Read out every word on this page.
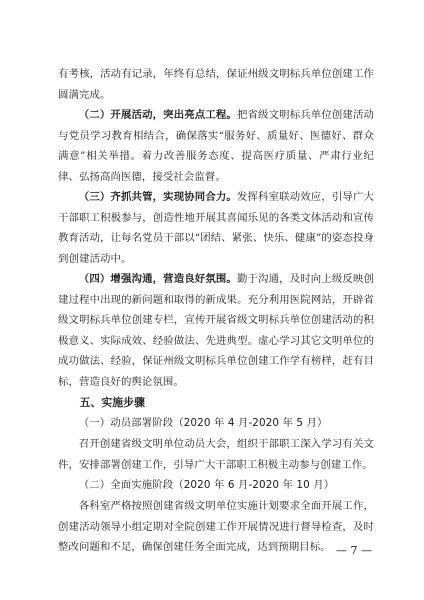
有考核，活动有记录，年终有总结，保证州级文明标兵单位创建工作圆满完成。

（二）开展活动，突出亮点工程。把省级文明标兵单位创建活动与党员学习教育相结合，确保落实“服务好、质量好、医德好、群众满意”相关举措。着力改善服务态度、提高医疗质量、严肃行业纪律、弘扬高尚医德，接受社会监督。

（三）齐抓共管，实现协同合力。发挥科室联动效应，引导广大干部职工积极参与，创造性地开展其喜闻乐见的各类文体活动和宣传教育活动，让每名党员干部以“团结、紧张、快乐、健康”的姿态投身到创建活动中。

（四）增强沟通，营造良好氛围。勤于沟通，及时向上级反映创建过程中出现的新问题和取得的新成果。充分利用医院网站，开辟省级文明标兵单位创建专栏，宣传开展省级文明标兵单位创建活动的积极意义、实际成效、经验做法、先进典型。虚心学习其它文明单位的成功做法、经验，保证州级文明标兵单位创建工作学有榜样，赶有目标，营造良好的舆论氛围。

五、实施步骤

（一）动员部署阶段（2020 年 4 月-2020 年 5 月）

召开创建省级文明单位动员大会，组织干部职工深入学习有关文件，安排部署创建工作，引导广大干部职工积极主动参与创建工作。

（二）全面实施阶段（2020 年 6 月-2020 年 10 月）

各科室严格按照创建省级文明单位实施计划要求全面开展工作，创建活动领导小组定期对全院创建工作开展情况进行督导检查，及时整改问题和不足，确保创建任务全面完成，达到预期目标。 — 7 —
